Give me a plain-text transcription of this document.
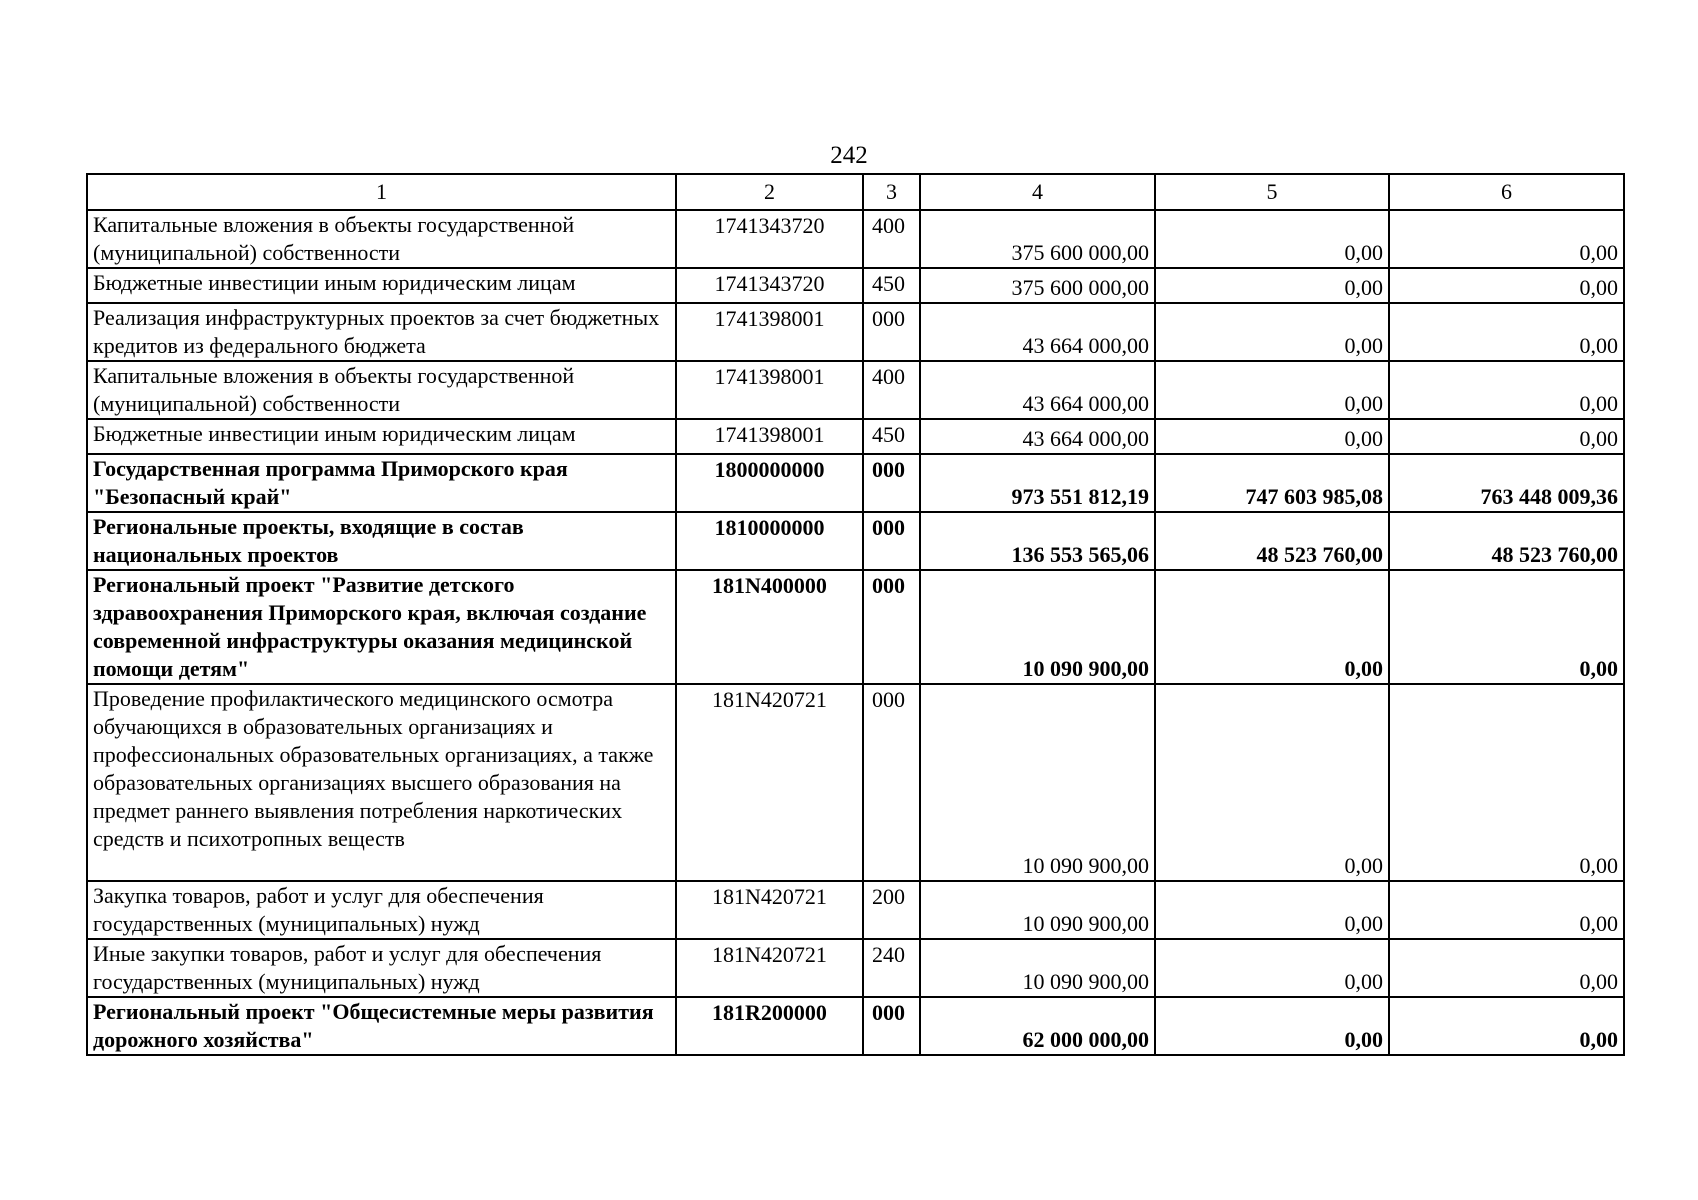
242
1	2	3	4	5	6
Капитальные вложения в объекты государственной (муниципальной) собственности	1741343720	400	375 600 000,00	0,00	0,00
Бюджетные инвестиции иным юридическим лицам	1741343720	450	375 600 000,00	0,00	0,00
Реализация инфраструктурных проектов за счет бюджетных кредитов из федерального бюджета	1741398001	000	43 664 000,00	0,00	0,00
Капитальные вложения в объекты государственной (муниципальной) собственности	1741398001	400	43 664 000,00	0,00	0,00
Бюджетные инвестиции иным юридическим лицам	1741398001	450	43 664 000,00	0,00	0,00
Государственная программа Приморского края "Безопасный край"	1800000000	000	973 551 812,19	747 603 985,08	763 448 009,36
Региональные проекты, входящие в состав национальных проектов	1810000000	000	136 553 565,06	48 523 760,00	48 523 760,00
Региональный проект "Развитие детского здравоохранения Приморского края, включая создание современной инфраструктуры оказания медицинской помощи детям"	181N400000	000	10 090 900,00	0,00	0,00
Проведение профилактического медицинского осмотра обучающихся в образовательных организациях и профессиональных образовательных организациях, а также образовательных организациях высшего образования на предмет раннего выявления потребления наркотических средств и психотропных веществ	181N420721	000	10 090 900,00	0,00	0,00
Закупка товаров, работ и услуг для обеспечения государственных (муниципальных) нужд	181N420721	200	10 090 900,00	0,00	0,00
Иные закупки товаров, работ и услуг для обеспечения государственных (муниципальных) нужд	181N420721	240	10 090 900,00	0,00	0,00
Региональный проект "Общесистемные меры развития дорожного хозяйства"	181R200000	000	62 000 000,00	0,00	0,00
